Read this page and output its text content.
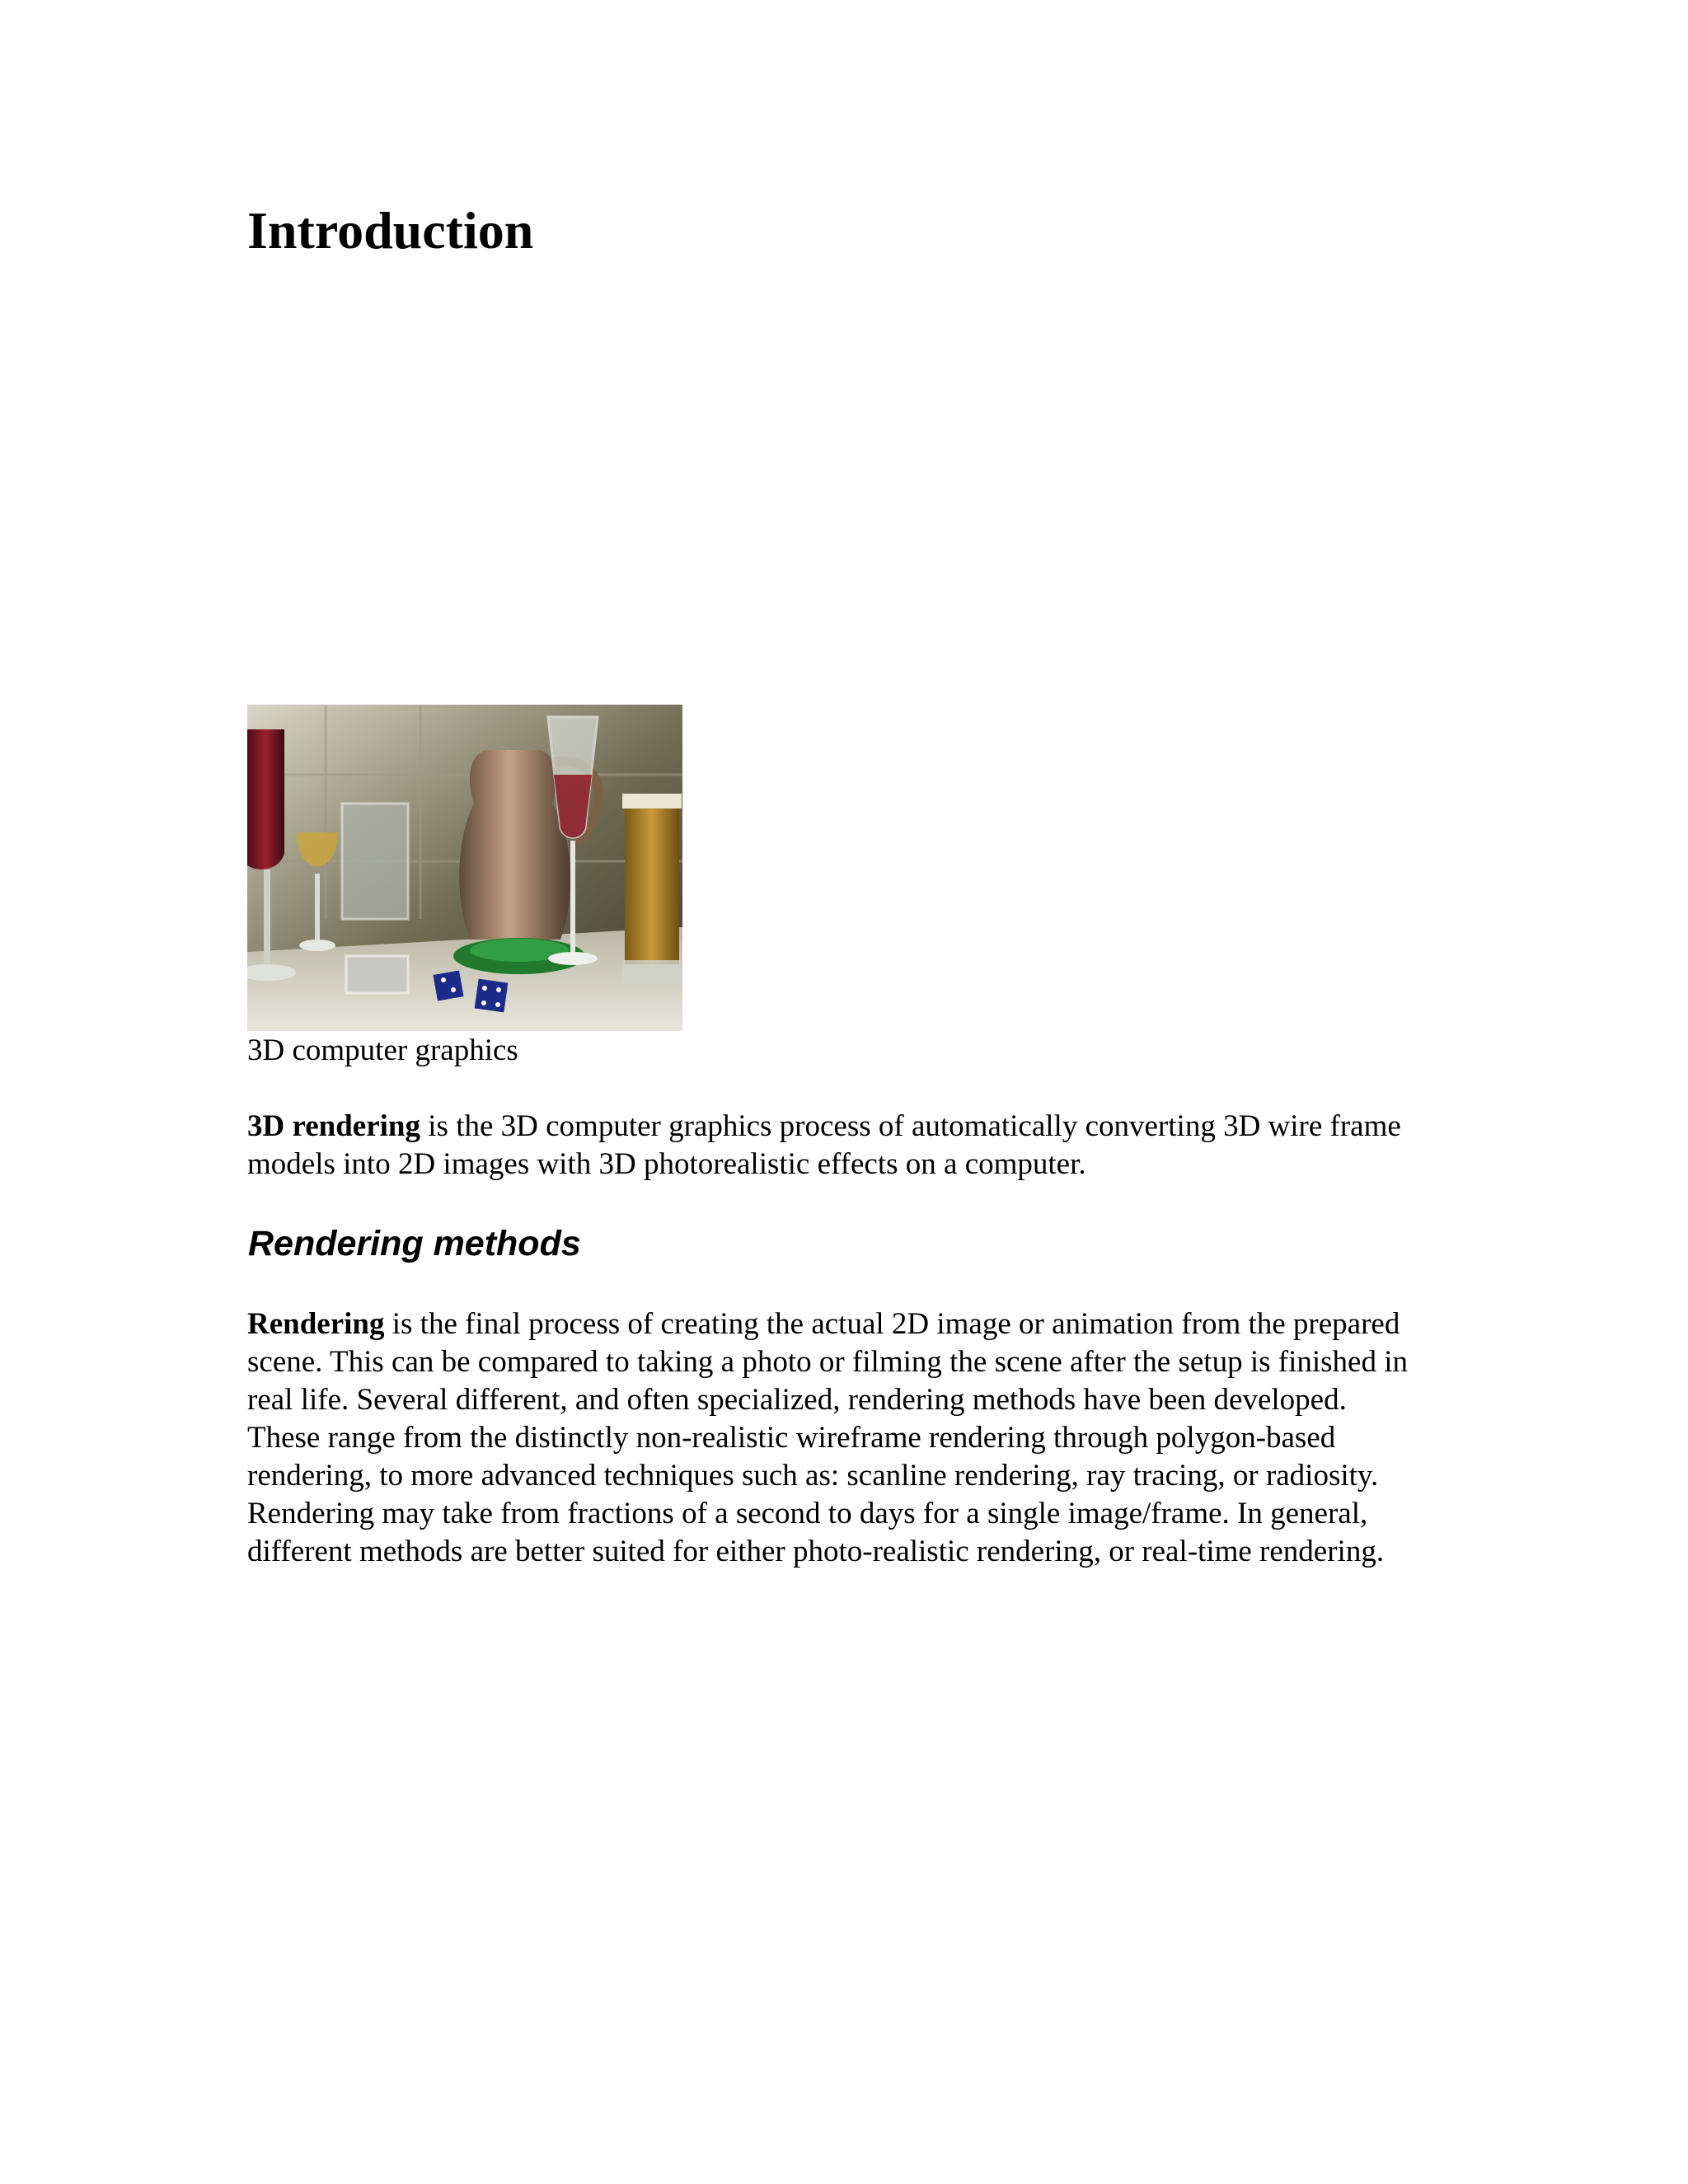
Introduction

3D computer graphics

3D rendering is the 3D computer graphics process of automatically converting 3D wire frame models into 2D images with 3D photorealistic effects on a computer.

Rendering methods

Rendering is the final process of creating the actual 2D image or animation from the prepared scene. This can be compared to taking a photo or filming the scene after the setup is finished in real life. Several different, and often specialized, rendering methods have been developed. These range from the distinctly non-realistic wireframe rendering through polygon-based rendering, to more advanced techniques such as: scanline rendering, ray tracing, or radiosity. Rendering may take from fractions of a second to days for a single image/frame. In general, different methods are better suited for either photo-realistic rendering, or real-time rendering.
